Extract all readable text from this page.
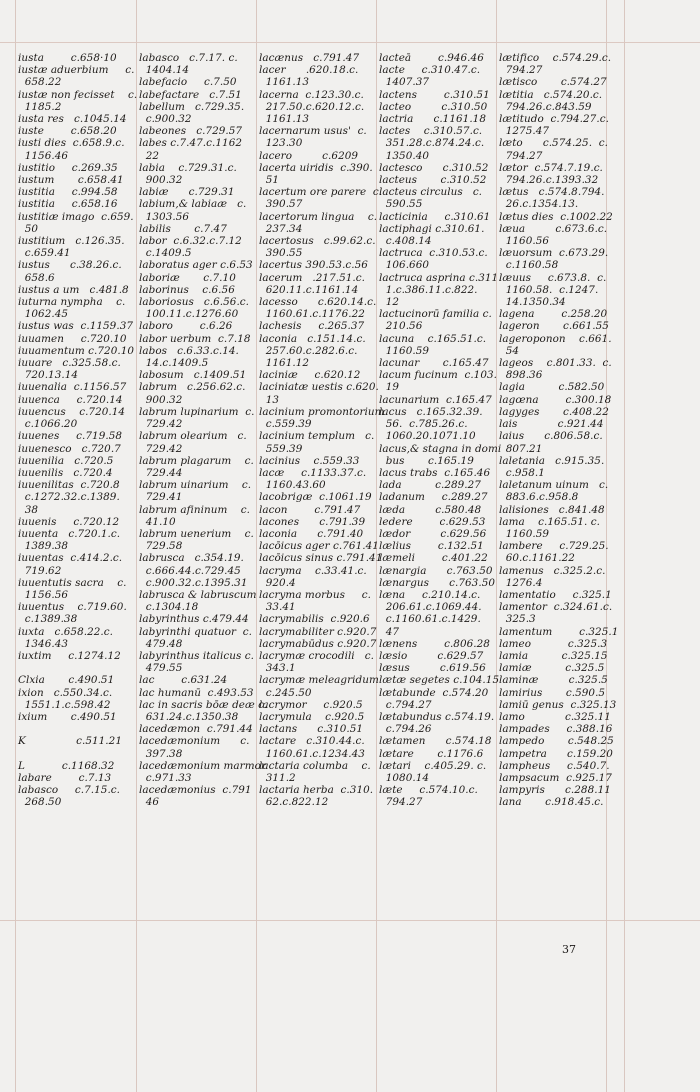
iusta        c.658·10
iustæ aduerbium     c.
658.22
iustæ non fecisset    c.
1185.2
iusta res   c.1045.14
iuste        c.658.20
iusti dies  c.658.9.c.
1156.46
iustitio     c.269.35
iustum       c.658.41
iustitia     c.994.58
iustitia     c.658.16
iustitiæ imago  c.659.
50
iustitium   c.126.35.
c.659.41
iustus      c.38.26.c.
658.6
iustus a um   c.481.8
iuturna nympha    c.
1062.45
iustus was  c.1159.37
iuuamen     c.720.10
iuuamentum c.720.10
iuuare   c.325.58.c.
720.13.14
iuuenalia  c.1156.57
iuuenca     c.720.14
iuuencus    c.720.14
c.1066.20
iuuenes     c.719.58
iuuenesco   c.720.7
iuuenilia   c.720.5
iuuenilis   c.720.4
iuuenilitas  c.720.8
c.1272.32.c.1389.
38
iuuenis     c.720.12
iuuenta   c.720.1.c.
1389.38
iuuentas  c.414.2.c.
719.62
iuuentutis sacra    c.
1156.56
iuuentus    c.719.60.
c.1389.38
iuxta   c.658.22.c.
1346.43
iuxtim     c.1274.12

Clxia       c.490.51
ixion   c.550.34.c.
1551.1.c.598.42
ixium       c.490.51

K               c.511.21

L           c.1168.32
labare        c.7.13
labasco     c.7.15.c.
268.50
labasco   c.7.17. c.
1404.14
labefacio     c.7.50
labefactare   c.7.51
labellum   c.729.35.
c.900.32
labeones   c.729.57
labes c.7.47.c.1162
22
labia    c.729.31.c.
900.32
labiæ      c.729.31
labium,& labiaæ   c.
1303.56
labilis       c.7.47
labor  c.6.32.c.7.12
c.1409.5
laboratus ager c.6.53
laboriæ       c.7.10
laborinus    c.6.56
laboriosus   c.6.56.c.
100.11.c.1276.60
laboro        c.6.26
labor uerbum  c.7.18
labos   c.6.33.c.14.
14.c.1409.5
labosum   c.1409.51
labrum   c.256.62.c.
900.32
labrum lupinarium  c.
729.42
labrum olearium   c.
729.42
labrum plagarum    c.
729.44
labrum uinarium    c.
729.41
labrum afininum    c.
41.10
labrum uenerium    c.
729.58
labrusca   c.354.19.
c.666.44.c.729.45
c.900.32.c.1395.31
labrusca & labruscum
c.1304.18
labyrinthus c.479.44
labyrinthi quatuor  c.
479.48
labyrinthus italicus c.
479.55
lac        c.631.24
lac humanū  c.493.53
lac in sacris bōæ deæ c.
631.24.c.1350.38
lacedæmon  c.791.44
lacedæmonium      c.
397.38
lacedæmonium marmor
c.971.33
lacedæmonius  c.791
46
lacænus   c.791.47
lacer      .620.18.c.
1161.13
lacerna  c.123.30.c.
217.50.c.620.12.c.
1161.13
lacernarum usus'  c.
123.30
lacero         c.6209
lacerta uiridis  c.390.
51
lacertum ore parere  c.
390.57
lacertorum lingua    c.
237.34
lacertosus   c.99.62.c.
390.55
lacertus 390.53.c.56
lacerum   .217.51.c.
620.11.c.1161.14
lacesso      c.620.14.c.
1160.61.c.1176.22
lachesis     c.265.37
laconia   c.151.14.c.
257.60.c.282.6.c.
1161.12
laciniæ     c.620.12
laciniatæ uestis c.620.
13
lacinium promontorium
c.559.39
lacinium templum   c.
559.39
lacinius    c.559.33
lacæ     c.1133.37.c.
1160.43.60
lacobrigæ  c.1061.19
lacon        c.791.47
lacones      c.791.39
laconia      c.791.40
lacōicus ager c.761.41
lacōicus sinus c.791.41
lacryma    c.33.41.c.
920.4
lacryma morbus     c.
33.41
lacrymabilis  c.920.6
lacrymabiliter c.920.7
lacrymabūdus c.920.7
lacrymæ crocodili   c.
343.1
lacrymæ meleagridum
c.245.50
lacrymor     c.920.5
lacrymula    c.920.5
lactans      c.310.51
lactare   c.310.44.c.
1160.61.c.1234.43
lactaria columba    c.
311.2
lactaria herba  c.310.
62.c.822.12
lacteā        c.946.46
lacte     c.310.47.c.
1407.37
lactens        c.310.51
lacteo         c.310.50
lactria      c.1161.18
lactes    c.310.57.c.
351.28.c.874.24.c.
1350.40
lactesco      c.310.52
lacteus       c.310.52
lacteus circulus   c.
590.55
lacticinia     c.310.61
lactiphagi c.310.61.
c.408.14
lactruca  c.310.53.c.
106.660
lactruca asprina c.311.
1.c.386.11.c.822.
12
lactucinorū familia c.
210.56
lacuna    c.165.51.c.
1160.59
lacunar       c.165.47
lacum fucinum  c.103.
19
lacunarium  c.165.47
lacus   c.165.32.39.
56.  c.785.26.c.
1060.20.1071.10
lacus,& stagna in domi
bus       c.165.19
lacus trabs  c.165.46
lada          c.289.27
ladanum     c.289.27
læda         c.580.48
ledere        c.629.53
lædor         c.629.56
lælius        c.132.51
læmeli        c.401.22
lænargia      c.763.50
lænargus      c.763.50
læna     c.210.14.c.
206.61.c.1069.44.
c.1160.61.c.1429.
47
lænens        c.806.28
læsio         c.629.57
læsus         c.619.56
lætæ segetes c.104.15
lætabunde  c.574.20
c.794.27
lætabundus c.574.19.
c.794.26
lætamen      c.574.18
lætare       c.1176.6
lætari    c.405.29. c.
1080.14
læte     c.574.10.c.
794.27
lætifico    c.574.29.c.
794.27
lætisco       c.574.27
lætitia   c.574.20.c.
794.26.c.843.59
lætitudo  c.794.27.c.
1275.47
læto      c.574.25.  c.
794.27
lætor  c.574.7.19.c.
794.26.c.1393.32
lætus   c.574.8.794.
26.c.1354.13.
lætus dies  c.1002.22
læua         c.673.6.c.
1160.56
læuorsum  c.673.29.
c.1160.58
læuus     c.673.8.  c.
1160.58.  c.1247.
14.1350.34
lagena        c.258.20
lageron       c.661.55
lageroponon    c.661.
54
lageos    c.801.33.  c.
898.36
lagia          c.582.50
lagœna        c.300.18
lagyges       c.408.22
lais            c.921.44
laius      c.806.58.c.
807.21
laletania   c.915.35.
c.958.1
laletanum uinum   c.
883.6.c.958.8
lalisiones   c.841.48
lama    c.165.51. c.
1160.59
lambere     c.729.25.
60.c.1161.22
lamenus   c.325.2.c.
1276.4
lamentatio     c.325.1
lamentor  c.324.61.c.
325.3
lamentum        c.325.1
lameo           c.325.3
lamia          c.325.15
lamiæ          c.325.5
laminæ         c.325.5
lamirius       c.590.5
lamiū genus  c.325.13
lamo            c.325.11
lampades     c.388.16
lampedo       c.548.25
lampetra      c.159.20
lampheus     c.540.7.
lampsacum  c.925.17
lampyris      c.288.11
lana       c.918.45.c.
37
